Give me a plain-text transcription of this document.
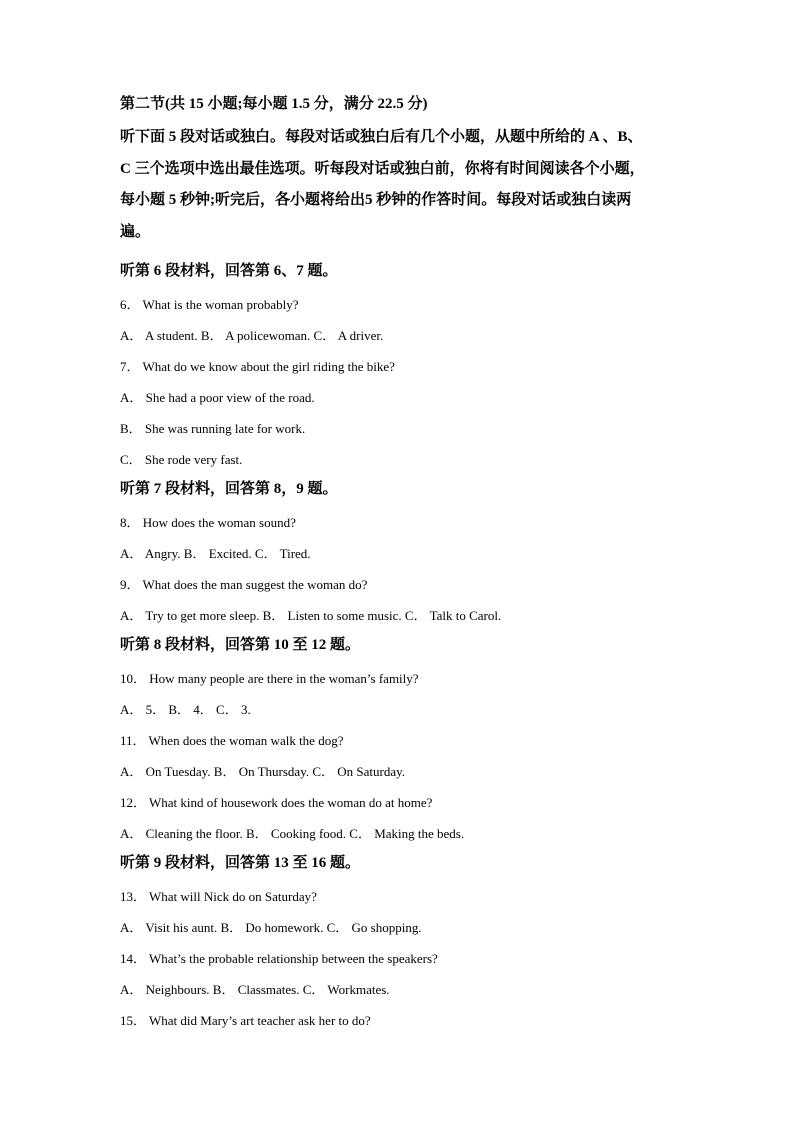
第二节(共 15 小题;每小题 1.5 分，满分 22.5 分)
听下面 5 段对话或独白。每段对话或独白后有几个小题，从题中所给的 A 、B、
C 三个选项中选出最佳选项。听每段对话或独白前，你将有时间阅读各个小题，
每小题 5 秒钟;听完后，各小题将给出5 秒钟的作答时间。每段对话或独白读两
遍。
听第 6 段材料，回答第 6、7 题。
6． What is the woman probably?
A． A student. B． A policewoman. C． A driver.
7． What do we know about the girl riding the bike?
A． She had a poor view of the road.
B． She was running late for work.
C． She rode very fast.
听第 7 段材料，回答第 8，9 题。
8． How does the woman sound?
A． Angry. B． Excited. C． Tired.
9． What does the man suggest the woman do?
A． Try to get more sleep. B． Listen to some music. C． Talk to Carol.
听第 8 段材料，回答第 10 至 12 题。
10． How many people are there in the woman’s family?
A． 5． B． 4． C． 3.
11． When does the woman walk the dog?
A． On Tuesday. B． On Thursday. C． On Saturday.
12． What kind of housework does the woman do at home?
A． Cleaning the floor. B． Cooking food. C． Making the beds.
听第 9 段材料，回答第 13 至 16 题。
13． What will Nick do on Saturday?
A． Visit his aunt. B． Do homework. C． Go shopping.
14． What’s the probable relationship between the speakers?
A． Neighbours. B． Classmates. C． Workmates.
15． What did Mary’s art teacher ask her to do?
